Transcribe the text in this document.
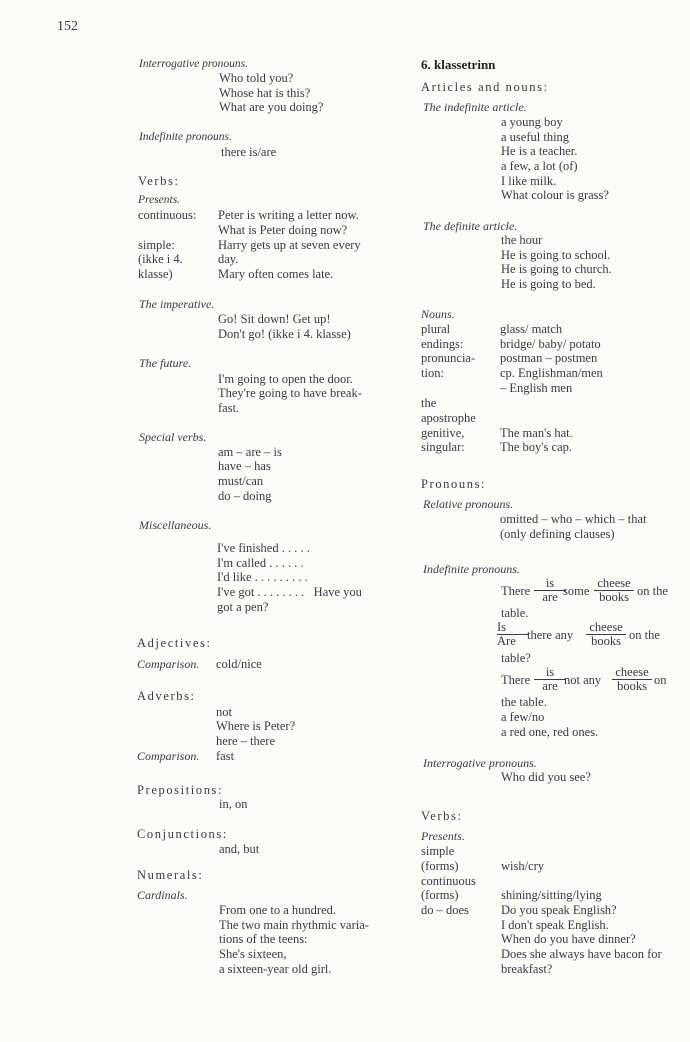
152
Interrogative pronouns.
Who told you?
Whose hat is this?
What are you doing?
Indefinite pronouns.
there is/are
Verbs:
Presents.
continuous: Peter is writing a letter now.
What is Peter doing now?
simple:
(ikke i 4.
klasse)
Harry gets up at seven every
day.
Mary often comes late.
The imperative.
Go! Sit down! Get up!
Don't go! (ikke i 4. klasse)
The future.
I'm going to open the door.
They're going to have break-
fast.
Special verbs.
am – are – is
have – has
must/can
do – doing
Miscellaneous.
I've finished . . . . .
I'm called . . . . . .
I'd like . . . . . . . . .
I've got . . . . . . . .   Have you
got a pen?
Adjectives:
Comparison. cold/nice
Adverbs:
not
Where is Peter?
here – there
Comparison. fast
Prepositions:
in, on
Conjunctions:
and, but
Numerals:
Cardinals.
From one to a hundred.
The two main rhythmic varia-
tions of the teens:
She's sixteen,
a sixteen-year old girl.
6. klassetrinn
Articles and nouns:
The indefinite article.
a young boy
a useful thing
He is a teacher.
a few, a lot (of)
I like milk.
What colour is grass?
The definite article.
the hour
He is going to school.
He is going to church.
He is going to bed.
Nouns.
plural
endings:
pronuncia-
tion:
glass/ match
bridge/ baby/ potato
postman – postmen
cp. Englishman/men
– English men
the
apostrophe
genitive,
singular:
The man's hat.
The boy's cap.
Pronouns:
Relative pronouns.
omitted – who – which – that
(only defining clauses)
Indefinite pronouns.
There
is
are some
cheese
books on the
table.
Is
Are there any
cheese
books on the
table?
There
is
are not any
cheese
books on
the table.
a few/no
a red one, red ones.
Interrogative pronouns.
Who did you see?
Verbs:
Presents.
simple
(forms)
continuous
(forms)
do – does
wish/cry
shining/sitting/lying
Do you speak English?
I don't speak English.
When do you have dinner?
Does she always have bacon for
breakfast?
